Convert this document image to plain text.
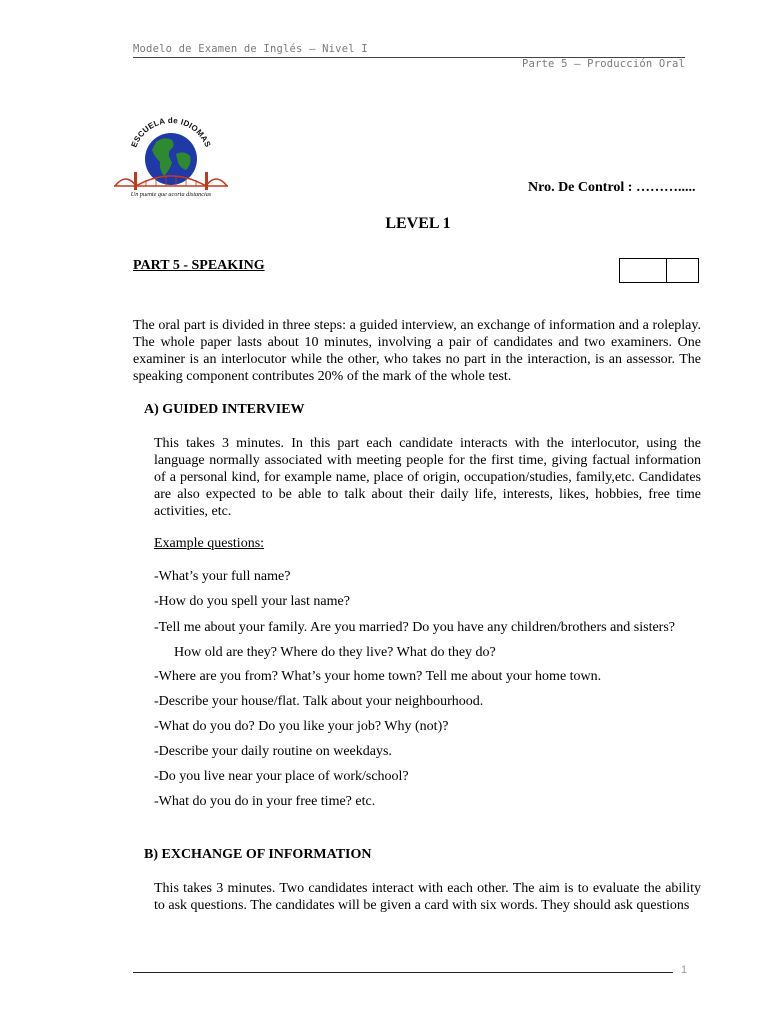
Modelo de Examen de Inglés – Nivel I
Parte 5 – Producción Oral
ESCUELA de IDIOMAS
Un puente que acorta distancias	Nro. De Control : ……….....
LEVEL 1
PART 5 - SPEAKING
The oral part is divided in three steps: a guided interview, an exchange of information and a roleplay. The whole paper lasts about 10 minutes, involving a pair of candidates and two examiners. One examiner is an interlocutor while the other, who takes no part in the interaction, is an assessor. The speaking component contributes 20% of the mark of the whole test.
A) GUIDED INTERVIEW
This takes 3 minutes. In this part each candidate interacts with the interlocutor, using the language normally associated with meeting people for the first time, giving factual information of a personal kind, for example name, place of origin, occupation/studies, family,etc. Candidates are also expected to be able to talk about their daily life, interests, likes, hobbies, free time activities, etc.
Example questions:
-What’s your full name?
-How do you spell your last name?
-Tell me about your family. Are you married? Do you have any children/brothers and sisters?
How old are they? Where do they live? What do they do?
-Where are you from? What’s your home town? Tell me about your home town.
-Describe your house/flat. Talk about your neighbourhood.
-What do you do? Do you like your job? Why (not)?
-Describe your daily routine on weekdays.
-Do you live near your place of work/school?
-What do you do in your free time? etc.
B) EXCHANGE OF INFORMATION
This takes 3 minutes. Two candidates interact with each other. The aim is to evaluate the ability to ask questions. The candidates will be given a card with six words. They should ask questions
1
